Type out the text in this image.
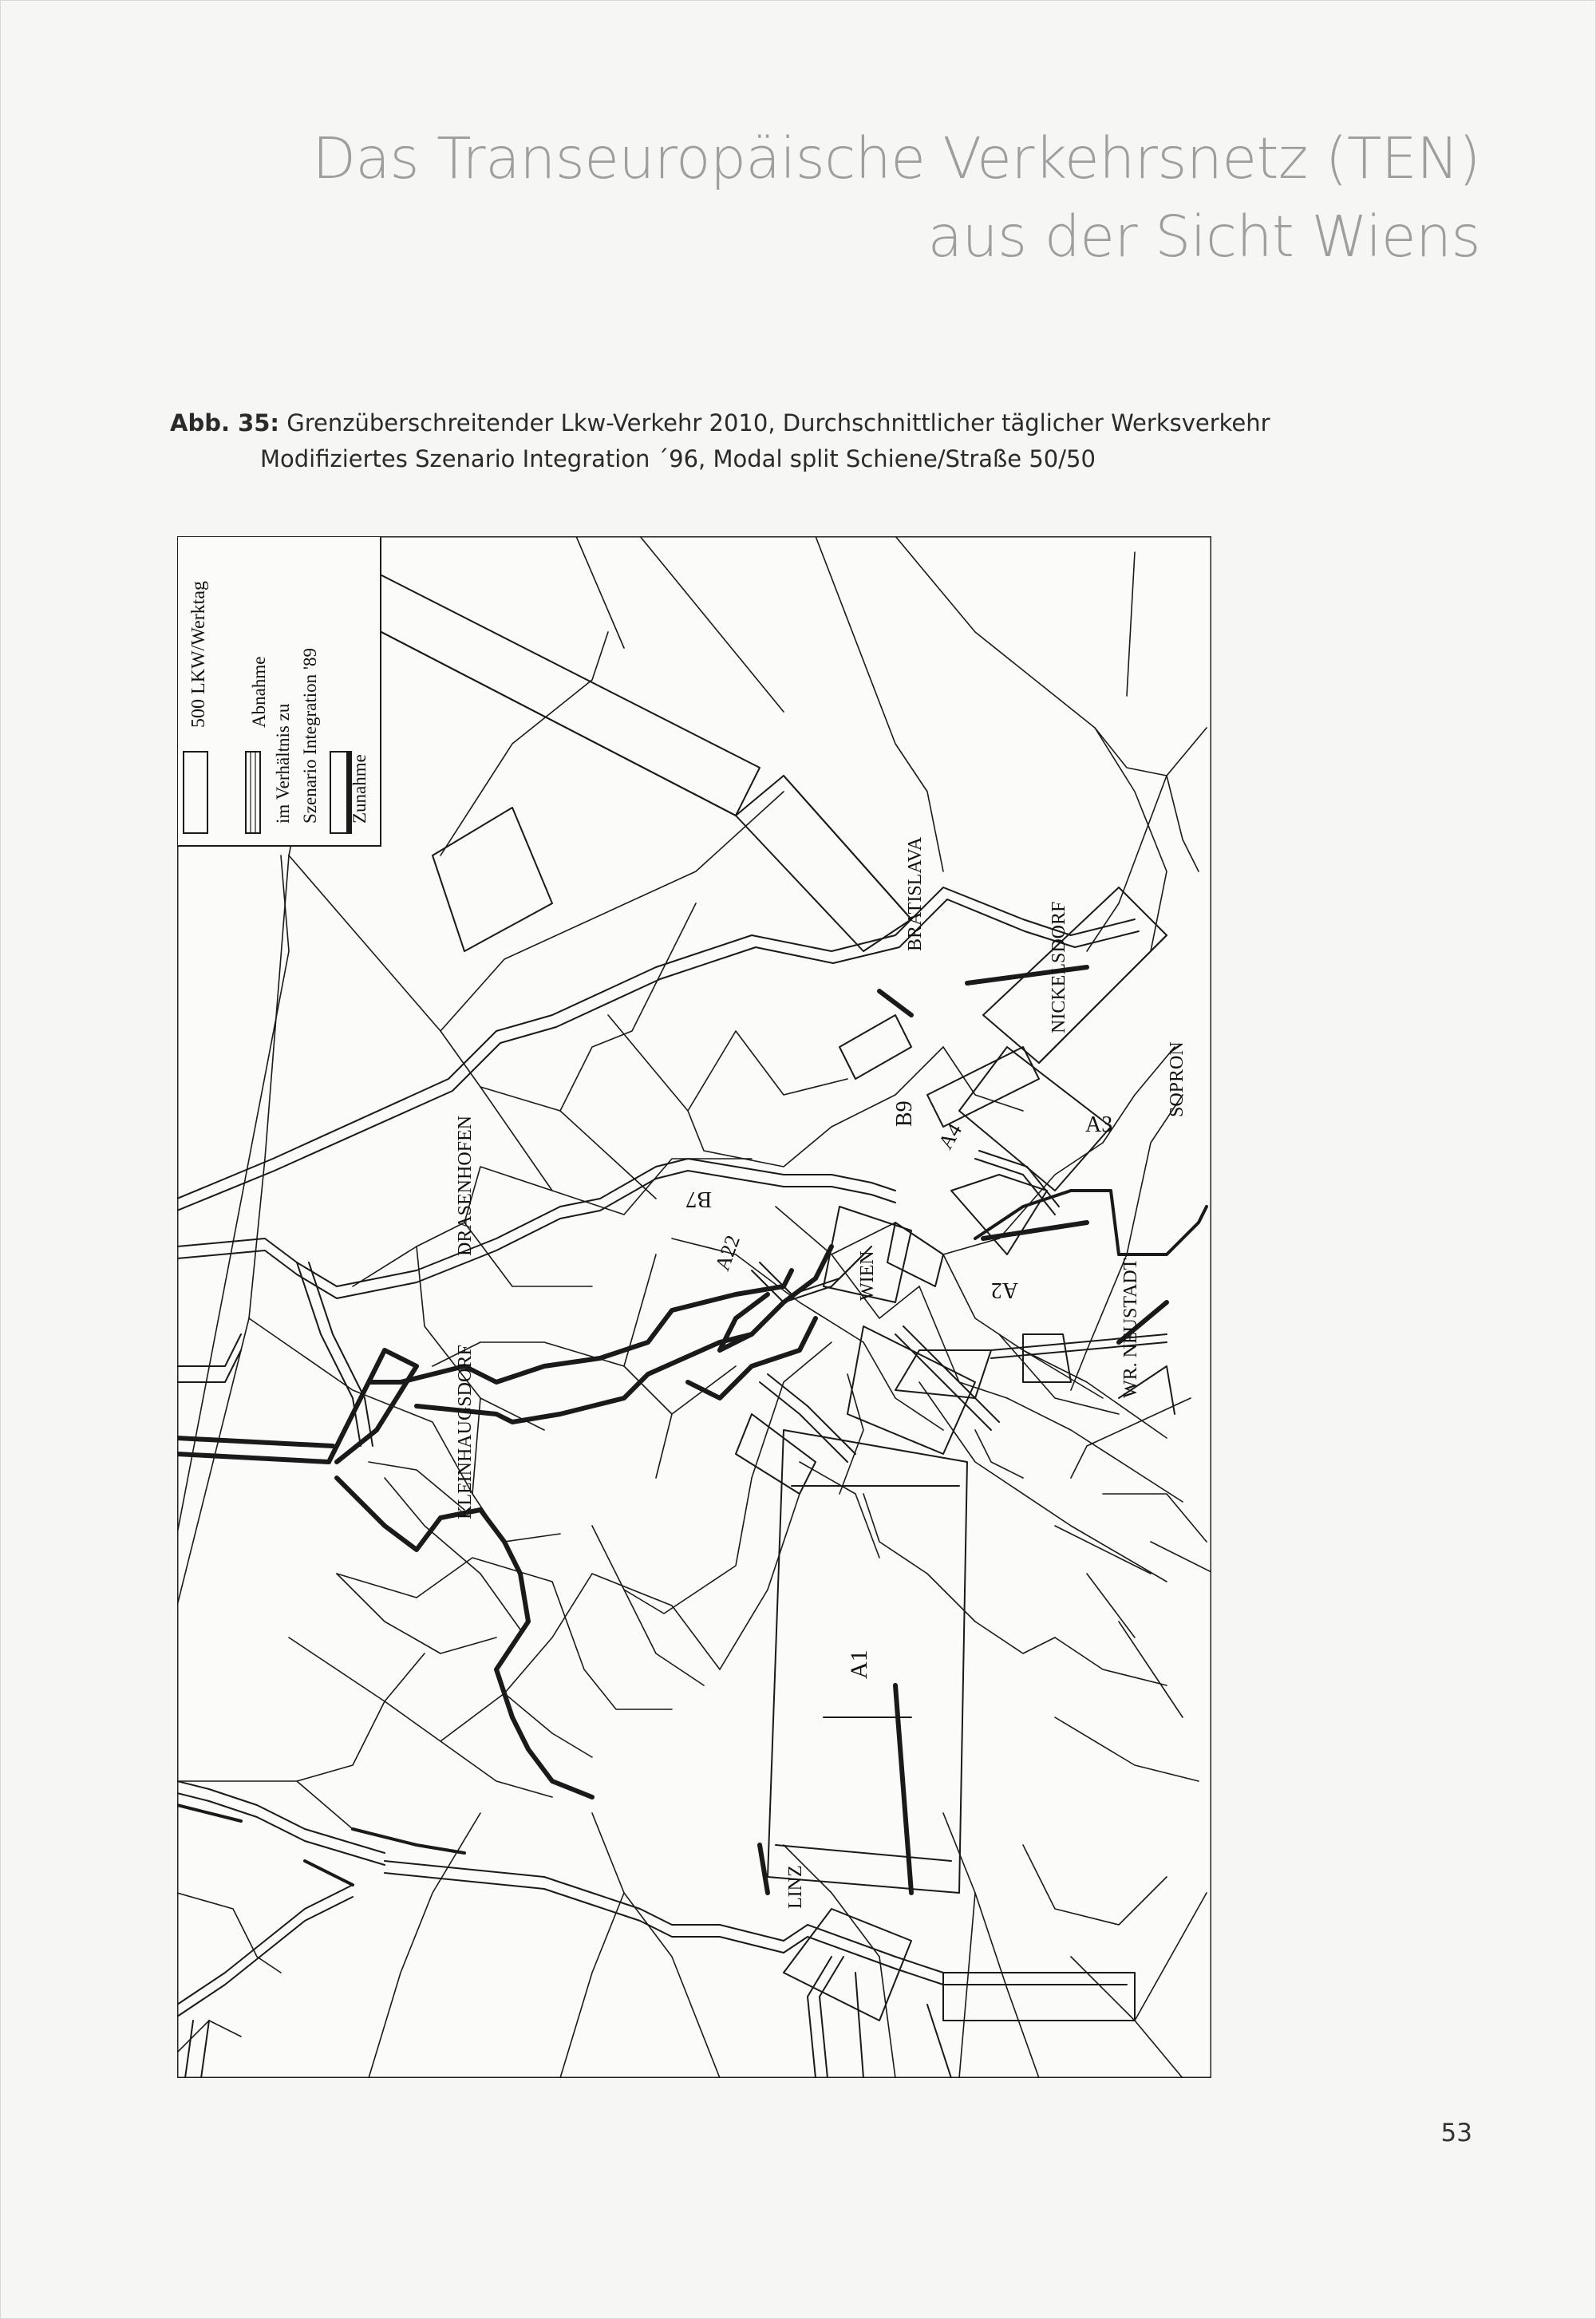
Das Transeuropäische Verkehrsnetz (TEN)
aus der Sicht Wiens
Abb. 35: Grenzüberschreitender Lkw-Verkehr 2010, Durchschnittlicher täglicher Werksverkehr
Modifiziertes Szenario Integration ´96, Modal split Schiene/Straße 50/50
500 LKW/Werktag Abnahme
im Verhältnis zu Szenario Integration '89 Zunahme
BRATISLAVA
NICKELSDORF
SOPRON
A3
WR. NEUSTADT
A2
WIEN
B9
A4
B7
A22
DRASENHOFEN
KLEINHAUGSDORF
A1
LINZ
53
